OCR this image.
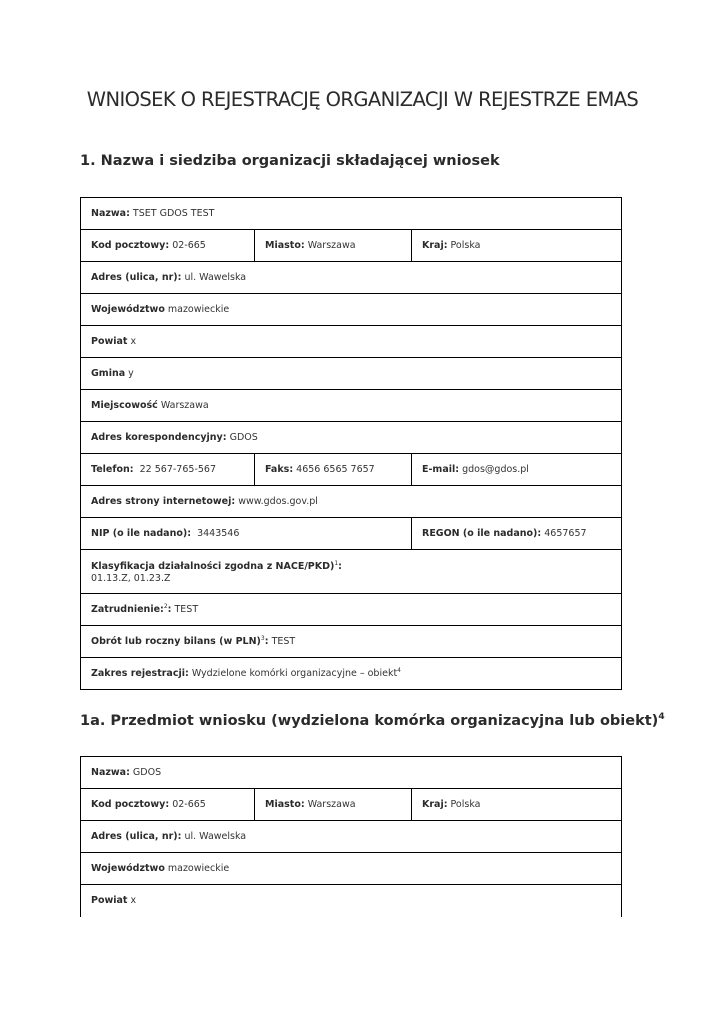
WNIOSEK O REJESTRACJĘ ORGANIZACJI W REJESTRZE EMAS
1. Nazwa i siedziba organizacji składającej wniosek
Nazwa: TSET GDOS TEST		
Kod pocztowy: 02-665	Miasto: Warszawa	Kraj: Polska
Adres (ulica, nr): ul. Wawelska		
Województwo mazowieckie		
Powiat x		
Gmina y		
Miejscowość Warszawa		
Adres korespondencyjny: GDOS		
Telefon: 22 567-765-567	Faks: 4656 6565 7657	E-mail: gdos@gdos.pl
Adres strony internetowej: www.gdos.gov.pl		
NIP (o ile nadano): 3443546		REGON (o ile nadano): 4657657
Klasyfikacja działalności zgodna z NACE/PKD)$^1$:
01.13.Z, 01.23.Z		
Zatrudnienie:$^2$: TEST		
Obrót lub roczny bilans (w PLN)$^3$: TEST		
Zakres rejestracji: Wydzielone komórki organizacyjne – obiekt$^4$
1a. Przedmiot wniosku (wydzielona komórka organizacyjna lub obiekt)$^4$
Nazwa: GDOS
Kod pocztowy: 02-665	Miasto: Warszawa	Kraj: Polska
Adres (ulica, nr): ul. Wawelska
Województwo mazowieckie
Powiat x
